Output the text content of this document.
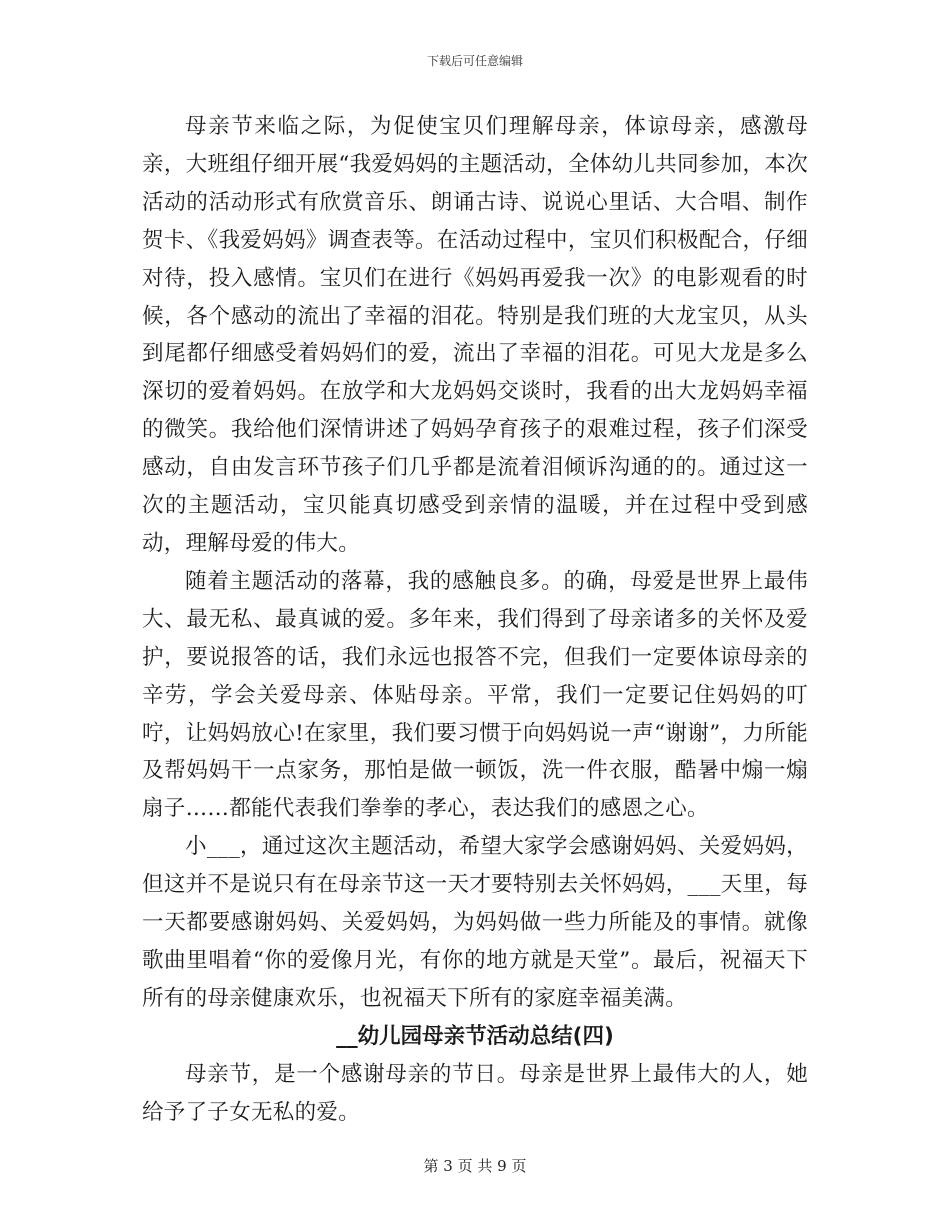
下载后可任意编辑

母亲节来临之际，为促使宝贝们理解母亲，体谅母亲，感激母亲，大班组仔细开展“我爱妈妈的主题活动，全体幼儿共同参加，本次活动的活动形式有欣赏音乐、朗诵古诗、说说心里话、大合唱、制作贺卡、《我爱妈妈》调查表等。在活动过程中，宝贝们积极配合，仔细对待，投入感情。宝贝们在进行《妈妈再爱我一次》的电影观看的时候，各个感动的流出了幸福的泪花。特别是我们班的大龙宝贝，从头到尾都仔细感受着妈妈们的爱，流出了幸福的泪花。可见大龙是多么深切的爱着妈妈。在放学和大龙妈妈交谈时，我看的出大龙妈妈幸福的微笑。我给他们深情讲述了妈妈孕育孩子的艰难过程，孩子们深受感动，自由发言环节孩子们几乎都是流着泪倾诉沟通的的。通过这一次的主题活动，宝贝能真切感受到亲情的温暖，并在过程中受到感动，理解母爱的伟大。

随着主题活动的落幕，我的感触良多。的确，母爱是世界上最伟大、最无私、最真诚的爱。多年来，我们得到了母亲诸多的关怀及爱护，要说报答的话，我们永远也报答不完，但我们一定要体谅母亲的辛劳，学会关爱母亲、体贴母亲。平常，我们一定要记住妈妈的叮咛，让妈妈放心!在家里，我们要习惯于向妈妈说一声“谢谢”，力所能及帮妈妈干一点家务，那怕是做一顿饭，洗一件衣服，酷暑中煽一煽扇子……都能代表我们拳拳的孝心，表达我们的感恩之心。

小___，通过这次主题活动，希望大家学会感谢妈妈、关爱妈妈，但这并不是说只有在母亲节这一天才要特别去关怀妈妈，___天里，每一天都要感谢妈妈、关爱妈妈，为妈妈做一些力所能及的事情。就像歌曲里唱着“你的爱像月光，有你的地方就是天堂”。最后，祝福天下所有的母亲健康欢乐，也祝福天下所有的家庭幸福美满。

__幼儿园母亲节活动总结(四)

母亲节，是一个感谢母亲的节日。母亲是世界上最伟大的人，她给予了子女无私的爱。

第 3 页 共 9 页
